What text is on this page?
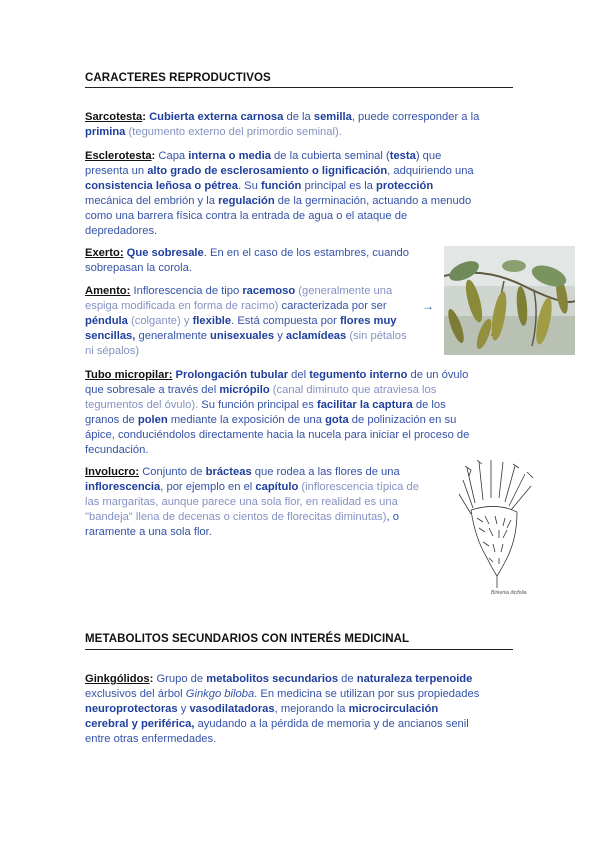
CARACTERES REPRODUCTIVOS
Sarcotesta: Cubierta externa carnosa de la semilla, puede corresponder a la
primina (tegumento externo del primordio seminal).
Esclerotesta: Capa interna o media de la cubierta seminal (testa) que
presenta un alto grado de esclerosamiento o lignificación, adquiriendo una
consistencia leñosa o pétrea. Su función principal es la protección
mecánica del embrión y la regulación de la germinación, actuando a menudo
como una barrera física contra la entrada de agua o el ataque de
depredadores.
Exerto: Que sobresale. En en el caso de los estambres, cuando
sobrepasan la corola.
Amento: Inflorescencia de tipo racemoso (generalmente una
espiga modificada en forma de racimo) caracterizada por ser
péndula (colgante) y flexible. Está compuesta por flores muy
sencillas, generalmente unisexuales y aclamídeas (sin pétalos
ni sépalos)
→
Tubo micropilar: Prolongación tubular del tegumento interno de un óvulo
que sobresale a través del micrópilo (canal diminuto que atraviesa los
tegumentos del óvulo). Su función principal es facilitar la captura de los
granos de polen mediante la exposición de una gota de polinización en su
ápice, conduciéndolos directamente hacia la nucela para iniciar el proceso de
fecundación.
Involucro: Conjunto de brácteas que rodea a las flores de una
inflorescencia, por ejemplo en el capítulo (inflorescencia típica de
las margaritas, aunque parece una sola flor, en realidad es una
"bandeja" llena de decenas o cientos de florecitas diminutas), o
raramente a una sola flor.
Birkenia ilicifolia
METABOLITOS SECUNDARIOS CON INTERÉS MEDICINAL
Ginkgólidos: Grupo de metabolitos secundarios de naturaleza terpenoide
exclusivos del árbol Ginkgo biloba. En medicina se utilizan por sus propiedades
neuroprotectoras y vasodilatadoras, mejorando la microcirculación
cerebral y periférica, ayudando a la pérdida de memoria y de ancianos senil
entre otras enfermedades.
